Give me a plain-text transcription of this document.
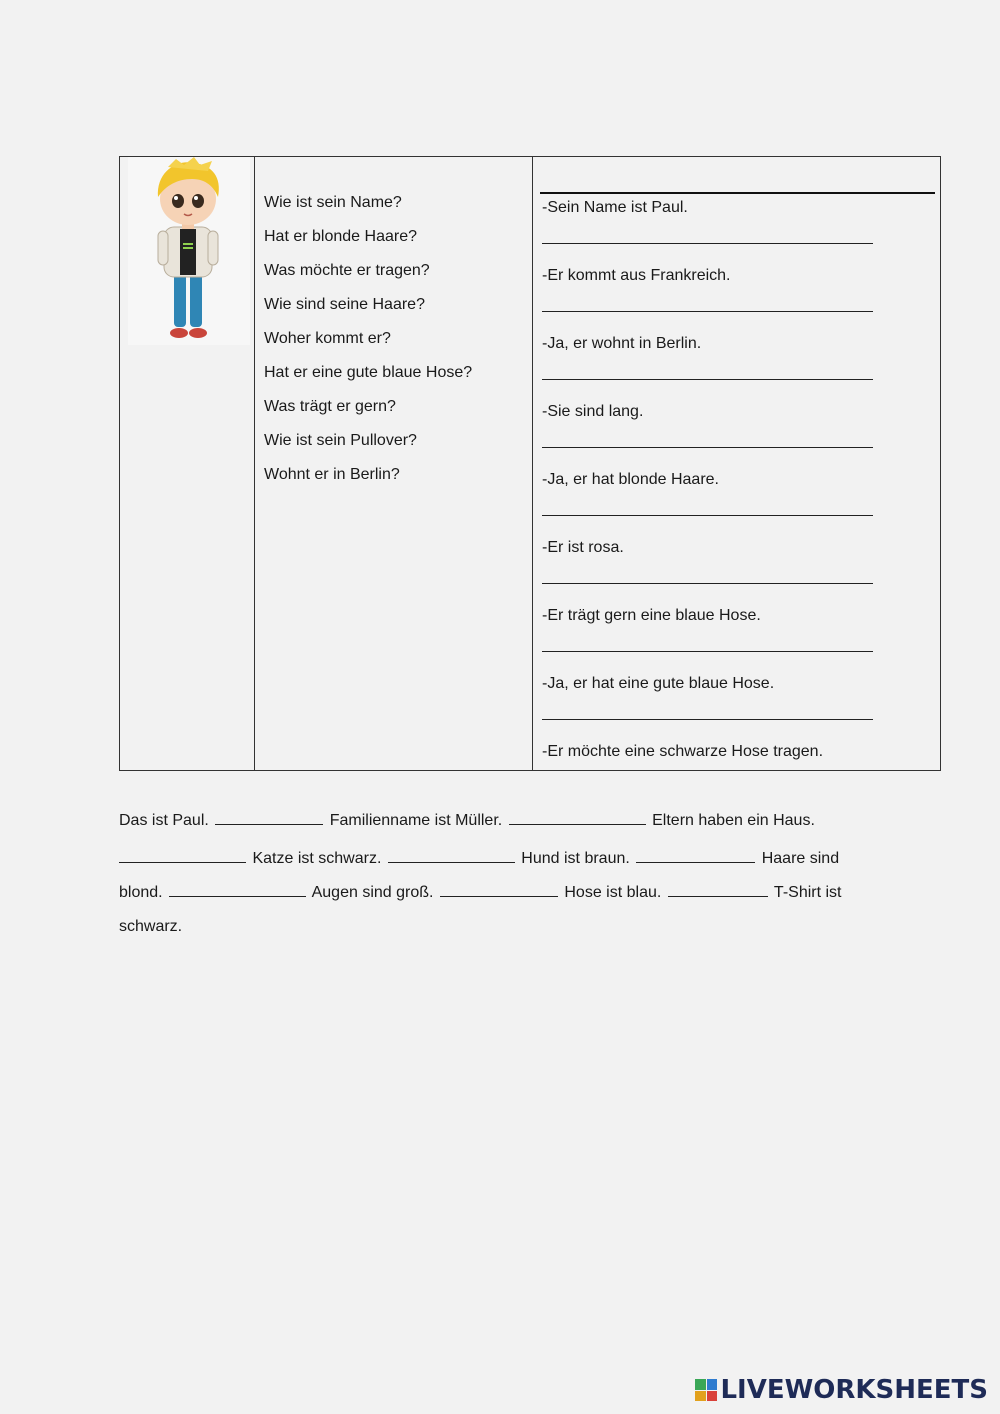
Wie ist sein Name?
Hat er blonde Haare?
Was möchte er tragen?
Wie sind seine Haare?
Woher kommt er?
Hat er eine gute blaue Hose?
Was trägt er gern?
Wie ist sein Pullover?
Wohnt er in Berlin?
-Sein Name ist Paul.
-Er kommt aus Frankreich.
-Ja, er wohnt in Berlin.
-Sie sind lang.
-Ja, er hat blonde Haare.
-Er ist rosa.
-Er trägt gern eine blaue Hose.
-Ja, er hat eine gute blaue Hose.
-Er möchte eine schwarze Hose tragen.
Das ist Paul.	Familienname ist Müller.	Eltern haben ein Haus.
Katze ist schwarz.	Hund ist braun.	Haare sind
blond.	Augen sind groß.	Hose ist blau.	T-Shirt ist
schwarz.
LIVEWORKSHEETS
